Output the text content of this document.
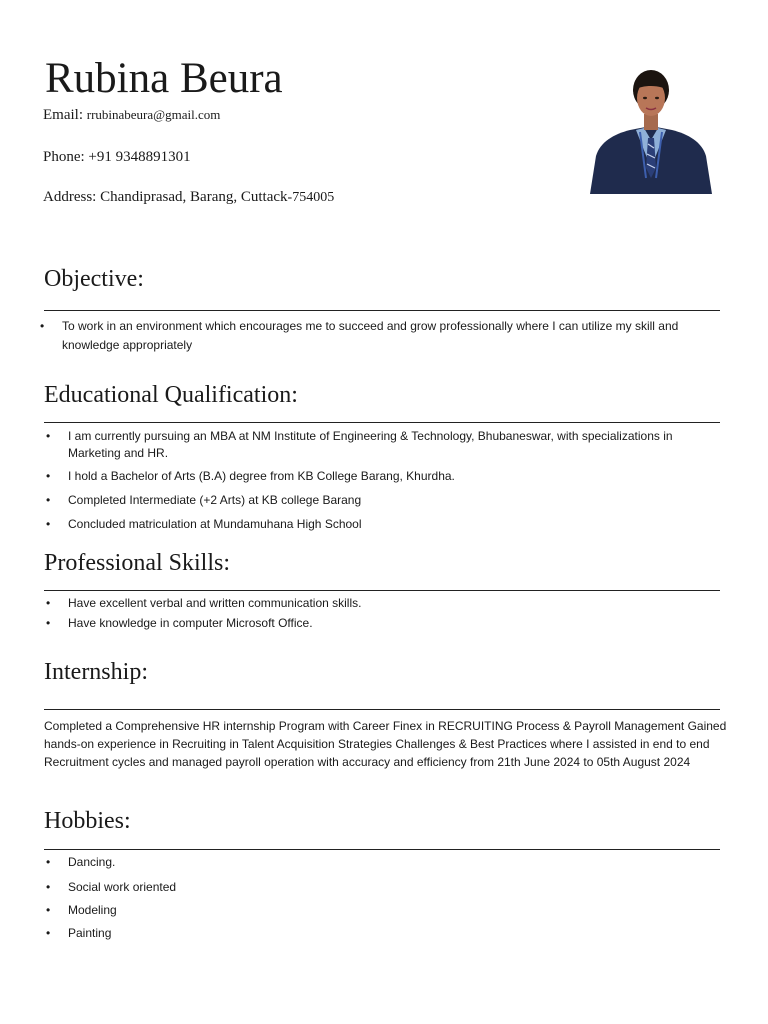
Rubina Beura
Email: rrubinabeura@gmail.com
Phone: +91 9348891301
Address: Chandiprasad, Barang, Cuttack-754005
Objective:
• To work in an environment which encourages me to succeed and grow professionally where I can utilize my skill and knowledge appropriately
Educational Qualification:
• I am currently pursuing an MBA at NM Institute of Engineering & Technology, Bhubaneswar, with specializations in Marketing and HR.
• I hold a Bachelor of Arts (B.A) degree from KB College Barang, Khurdha.
• Completed Intermediate (+2 Arts) at KB college Barang
• Concluded matriculation at Mundamuhana High School
Professional Skills:
• Have excellent verbal and written communication skills.
• Have knowledge in computer Microsoft Office.
Internship:
Completed a Comprehensive HR internship Program with Career Finex in RECRUITING Process & Payroll Management Gained hands-on experience in Recruiting in Talent Acquisition Strategies Challenges & Best Practices where I assisted in end to end Recruitment cycles and managed payroll operation with accuracy and efficiency from 21th June 2024 to 05th August 2024
Hobbies:
• Dancing.
• Social work oriented
• Modeling
• Painting
